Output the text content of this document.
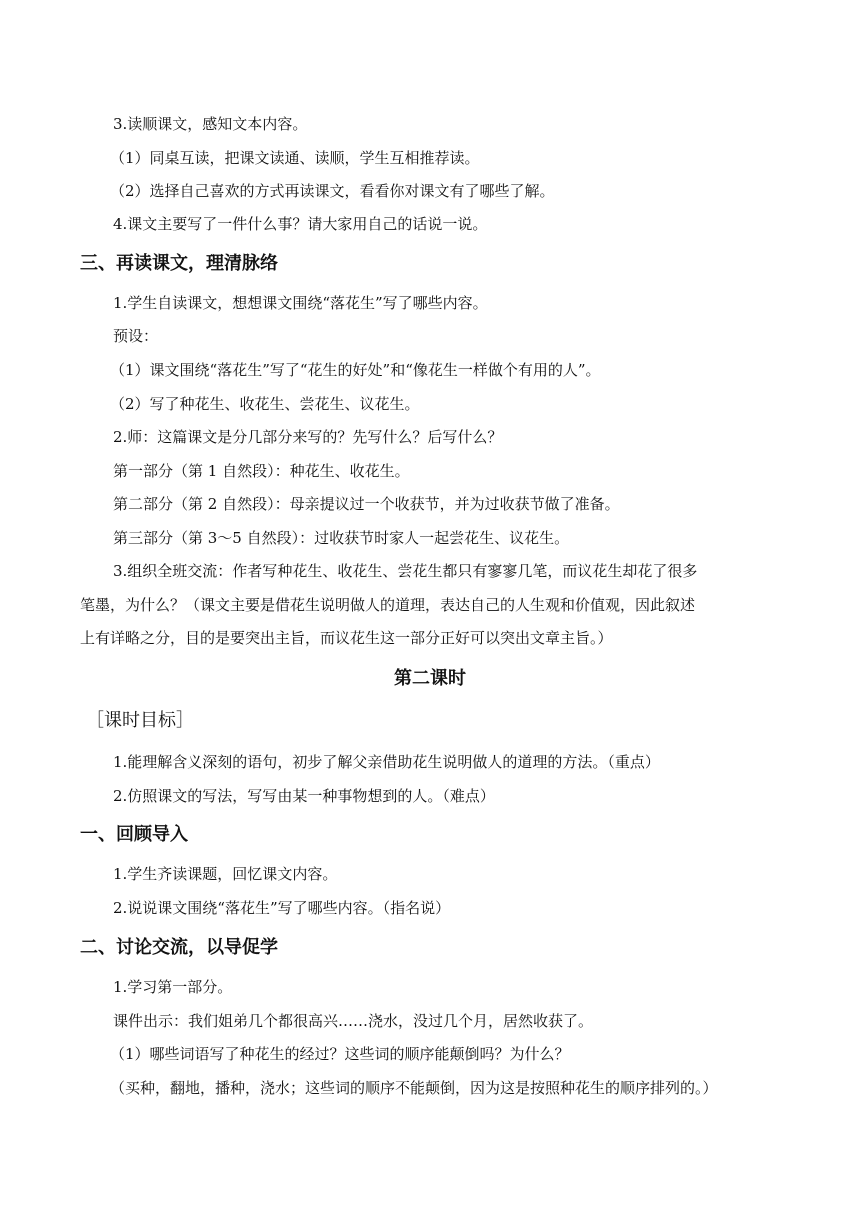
3.读顺课文，感知文本内容。
（1）同桌互读，把课文读通、读顺，学生互相推荐读。
（2）选择自己喜欢的方式再读课文，看看你对课文有了哪些了解。
4.课文主要写了一件什么事？请大家用自己的话说一说。
三、再读课文，理清脉络
1.学生自读课文，想想课文围绕“落花生”写了哪些内容。
预设：
（1）课文围绕“落花生”写了“花生的好处”和“像花生一样做个有用的人”。
（2）写了种花生、收花生、尝花生、议花生。
2.师：这篇课文是分几部分来写的？先写什么？后写什么？
第一部分（第 1 自然段）：种花生、收花生。
第二部分（第 2 自然段）：母亲提议过一个收获节，并为过收获节做了准备。
第三部分（第 3～5 自然段）：过收获节时家人一起尝花生、议花生。
3.组织全班交流：作者写种花生、收花生、尝花生都只有寥寥几笔，而议花生却花了很多
笔墨，为什么？（课文主要是借花生说明做人的道理，表达自己的人生观和价值观，因此叙述
上有详略之分，目的是要突出主旨，而议花生这一部分正好可以突出文章主旨。）
第二课时
［课时目标］
1.能理解含义深刻的语句，初步了解父亲借助花生说明做人的道理的方法。（重点）
2.仿照课文的写法，写写由某一种事物想到的人。（难点）
一、回顾导入
1.学生齐读课题，回忆课文内容。
2.说说课文围绕“落花生”写了哪些内容。（指名说）
二、讨论交流，以导促学
1.学习第一部分。
课件出示：我们姐弟几个都很高兴……浇水，没过几个月，居然收获了。
（1）哪些词语写了种花生的经过？这些词的顺序能颠倒吗？为什么？
（买种，翻地，播种，浇水；这些词的顺序不能颠倒，因为这是按照种花生的顺序排列的。）
